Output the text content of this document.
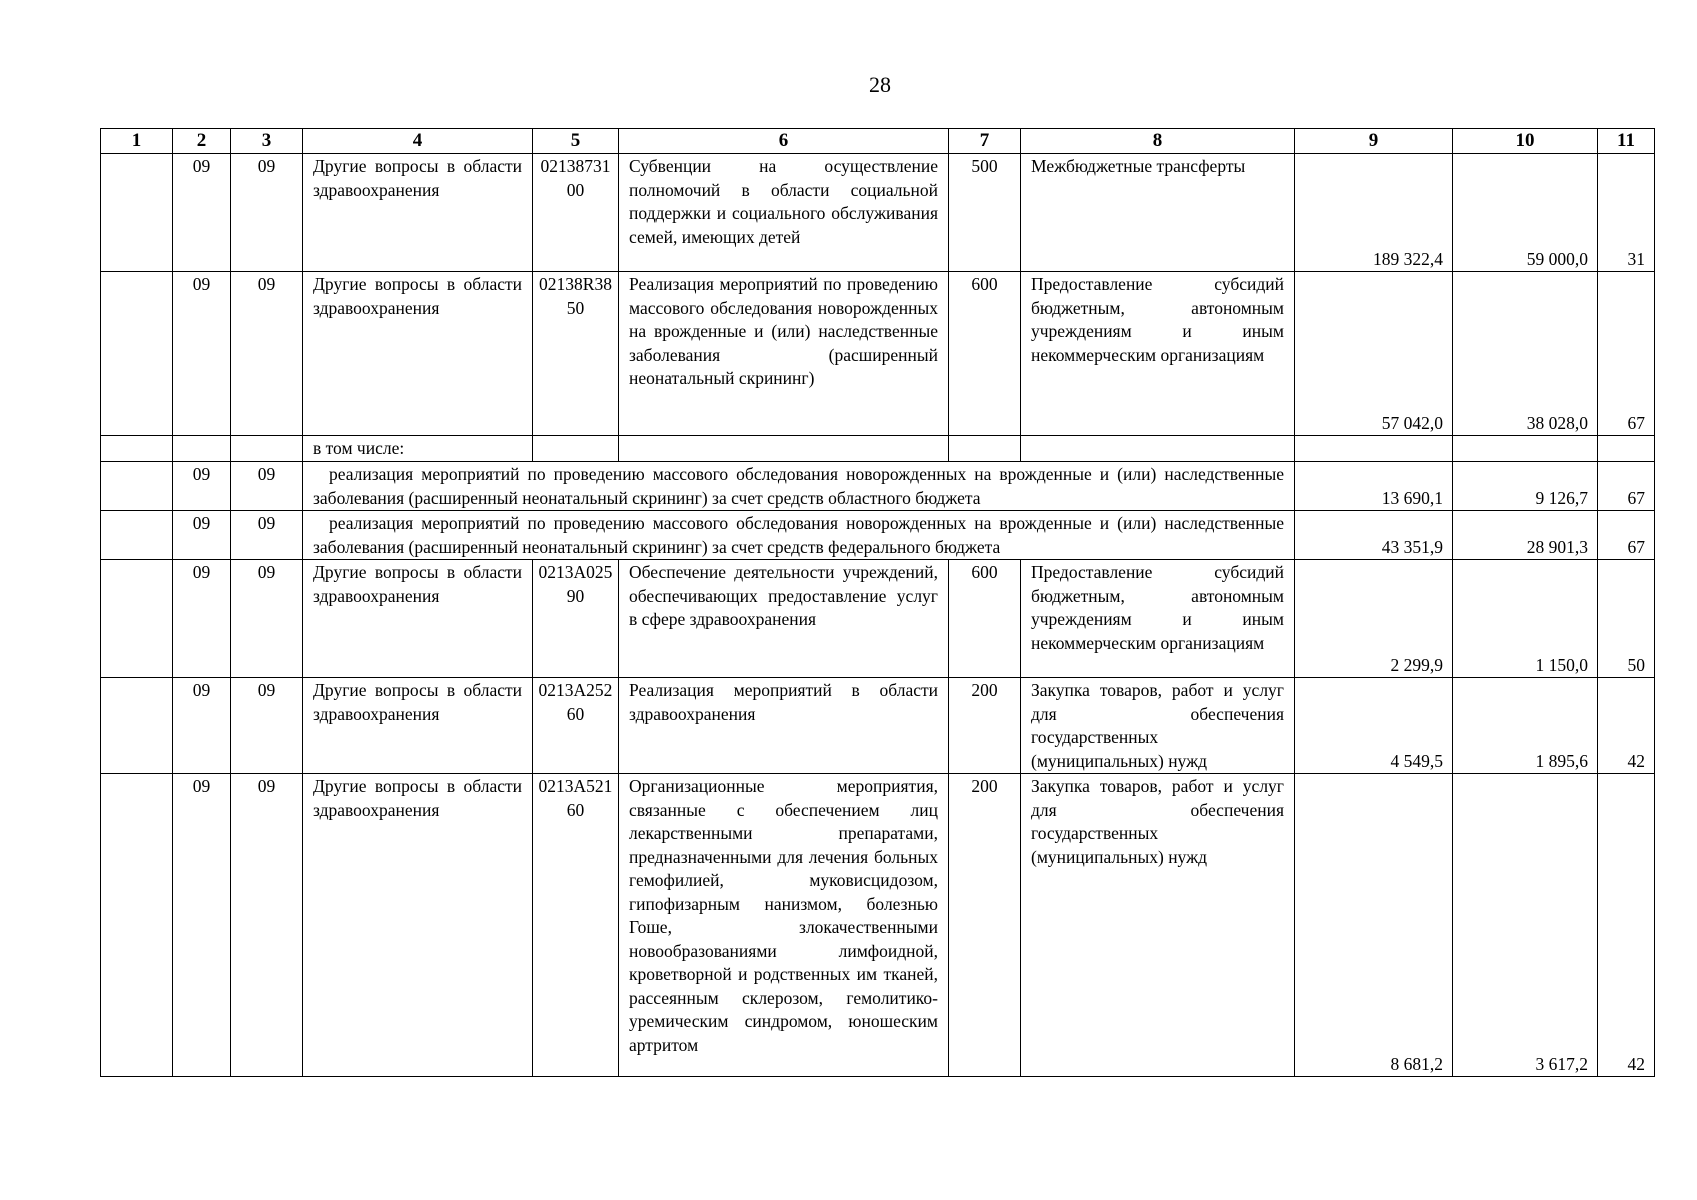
28
1	2	3	4	5	6	7	8	9	10	11
	09	09	Другие вопросы в области здравоохранения	0213873100	Субвенции на осуществление полномочий в области социальной поддержки и социального обслуживания семей, имеющих детей	500	Межбюджетные трансферты	189 322,4	59 000,0	31
	09	09	Другие вопросы в области здравоохранения	02138R3850	Реализация мероприятий по проведению массового обследования новорожденных на врожденные и (или) наследственные заболевания (расширенный неонатальный скрининг)	600	Предоставление субсидий бюджетным, автономным учреждениям и иным некоммерческим организациям	57 042,0	38 028,0	67
			в том числе:							
	09	09	реализация мероприятий по проведению массового обследования новорожденных на врожденные и (или) наследственные заболевания (расширенный неонатальный скрининг) за счет средств областного бюджета					13 690,1	9 126,7	67
	09	09	реализация мероприятий по проведению массового обследования новорожденных на врожденные и (или) наследственные заболевания (расширенный неонатальный скрининг) за счет средств федерального бюджета					43 351,9	28 901,3	67
	09	09	Другие вопросы в области здравоохранения	0213А02590	Обеспечение деятельности учреждений, обеспечивающих предоставление услуг в сфере здравоохранения	600	Предоставление субсидий бюджетным, автономным учреждениям и иным некоммерческим организациям	2 299,9	1 150,0	50
	09	09	Другие вопросы в области здравоохранения	0213А25260	Реализация мероприятий в области здравоохранения	200	Закупка товаров, работ и услуг для обеспечения государственных (муниципальных) нужд	4 549,5	1 895,6	42
	09	09	Другие вопросы в области здравоохранения	0213А52160	Организационные мероприятия, связанные с обеспечением лиц лекарственными препаратами, предназначенными для лечения больных гемофилией, муковисцидозом, гипофизарным нанизмом, болезнью Гоше, злокачественными новообразованиями лимфоидной, кроветворной и родственных им тканей, рассеянным склерозом, гемолитико-уремическим синдромом, юношеским артритом	200	Закупка товаров, работ и услуг для обеспечения государственных (муниципальных) нужд	8 681,2	3 617,2	42
